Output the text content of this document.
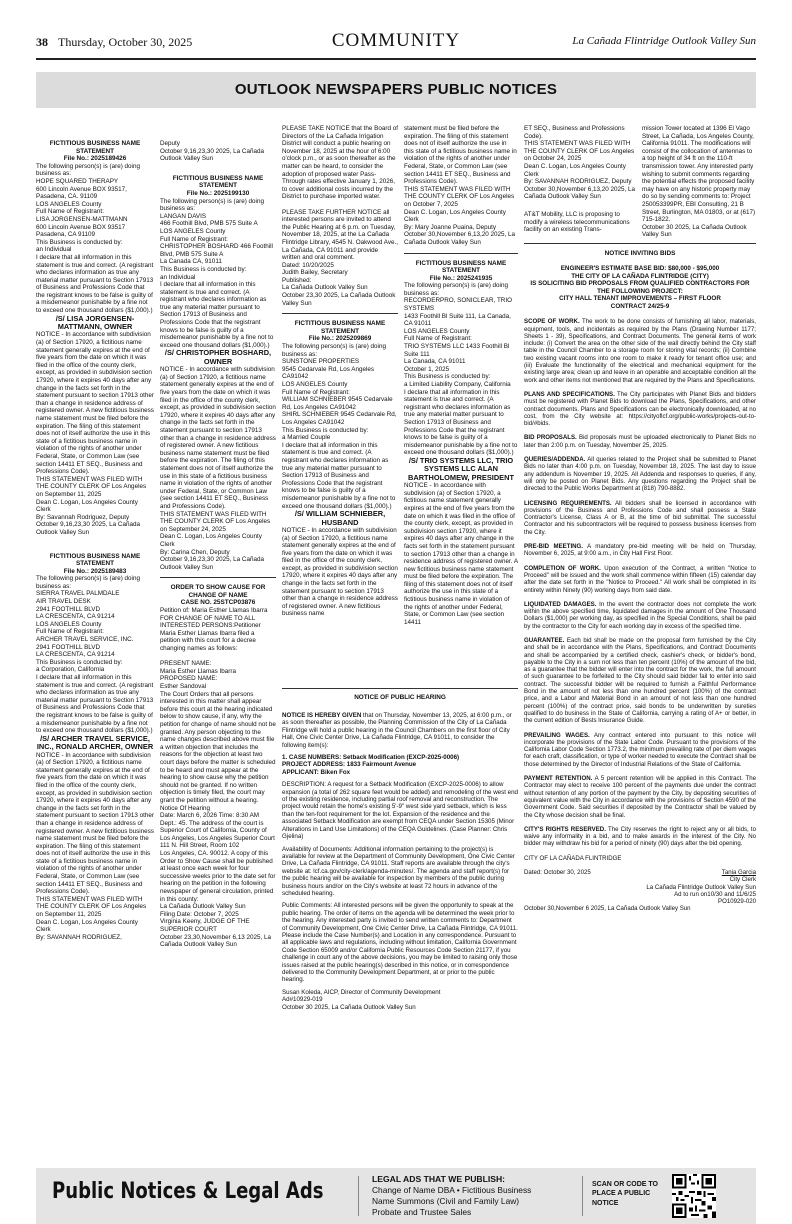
38 Thursday, October 30, 2025	COMMUNITY	La Cañada Flintridge Outlook Valley Sun
OUTLOOK NEWSPAPERS PUBLIC NOTICES
FICTITIOUS BUSINESS NAME STATEMENT
File No.: 2025189426

The following person(s) is (are) doing business as:
HOPE SQUARED THERAPY
600 Lincoln Avenue BOX 93517, Pasadena, CA. 91109
LOS ANGELES County
Full Name of Registrant:
LISA JORGENSEN-MATTMANN
600 Lincoln Avenue BOX 93517
Pasadena, CA 91109
This Business is conducted by:
an Individual
I declare that all information in this statement is true and correct. (A registrant who declares information as true any material matter pursuant to Section 17913 of Business and Professions Code that the registrant knows to be false is guilty of a misdemeanor punishable by a fine not to exceed one thousand dollars ($1,000).)

/S/ LISA JORGENSEN-MATTMANN, OWNER

NOTICE - In accordance with subdivision (a) of Section 17920, a fictitious name statement generally expires at the end of five years from the date on which it was filed in the office of the county clerk, except, as provided in subdivision section 17920, where it expires 40 days after any change in the facts set forth in the statement pursuant to section 17913 other than a change in residence address of registered owner. A new fictitious business name statement must be filed before the expiration. The filing of this statement does not of itself authorize the use in this state of a fictitious business name in violation of the rights of another under Federal, State, or Common Law (see section 14411 ET SEQ., Business and Professions Code).
THIS STATEMENT WAS FILED WITH THE COUNTY CLERK OF Los Angeles on September 11, 2025
Dean C. Logan, Los Angeles County Clerk
By: Savannah Rodriguez, Deputy
October 9,16,23,30 2025, La Cañada Outlook Valley Sun

FICTITIOUS BUSINESS NAME STATEMENT
File No.: 2025189483

The following person(s) is (are) doing business as:
SIERRA TRAVEL PALMDALE
AIR TRAVEL DESK
2941 FOOTHILL BLVD
LA CRESCENTA, CA 91214
LOS ANGELES County
Full Name of Registrant:
ARCHER TRAVEL SERVICE, INC.
2941 FOOTHILL BLVD
LA CRESCENTA, CA 91214
This Business is conducted by:
a Corporation, California
I declare that all information in this statement is true and correct. (A registrant who declares information as true any material matter pursuant to Section 17913 of Business and Professions Code that the registrant knows to be false is guilty of a misdemeanor punishable by a fine not to exceed one thousand dollars ($1,000).)

/S/ ARCHER TRAVEL SERVICE, INC., RONALD ARCHER, OWNER

NOTICE - In accordance with subdivision (a) of Section 17920, a fictitious name statement generally expires at the end of five years from the date on which it was filed in the office of the county clerk, except, as provided in subdivision section 17920, where it expires 40 days after any change in the facts set forth in the statement pursuant to section 17913 other than a change in residence address of registered owner. A new fictitious business name statement must be filed before the expiration. The filing of this statement does not of itself authorize the use in this state of a fictitious business name in violation of the rights of another under Federal, State, or Common Law (see section 14411 ET SEQ., Business and Professions Code).
THIS STATEMENT WAS FILED WITH THE COUNTY CLERK OF Los Angeles on September 11, 2025
Dean C. Logan, Los Angeles County Clerk
By: SAVANNAH RODRIGUEZ,

Deputy
October 9,16,23,30 2025, La Cañada Outlook Valley Sun

FICTITIOUS BUSINESS NAME STATEMENT
File No.: 2025199130

The following person(s) is (are) doing business as:
LANGAN DAVIS
466 Foothill Blvd, PMB 575 Suite A
LOS ANGELES County
Full Name of Registrant:
CHRISTOPHER BOSHARD 466 Foothill Blvd, PMB 575 Suite A
La Canada CA, 91011
This Business is conducted by:
an Individual
I declare that all information in this statement is true and correct. (A registrant who declares information as true any material matter pursuant to Section 17913 of Business and Professions Code that the registrant knows to be false is guilty of a misdemeanor punishable by a fine not to exceed one thousand dollars ($1,000).)

/S/ CHRISTOPHER BOSHARD, OWNER

NOTICE - In accordance with subdivision (a) of Section 17920, a fictitious name statement generally expires at the end of five years from the date on which it was filed in the office of the county clerk, except, as provided in subdivision section 17920, where it expires 40 days after any change in the facts set forth in the statement pursuant to section 17913 other than a change in residence address of registered owner. A new fictitious business name statement must be filed before the expiration. The filing of this statement does not of itself authorize the use in this state of a fictitious business name in violation of the rights of another under Federal, State, or Common Law (see section 14411 ET SEQ., Business and Professions Code).
THIS STATEMENT WAS FILED WITH THE COUNTY CLERK OF Los Angeles on September 24, 2025
Dean C. Logan, Los Angeles County Clerk
By: Carina Chen, Deputy
October 9,16,23,30 2025, La Cañada Outlook Valley Sun

ORDER TO SHOW CAUSE FOR CHANGE OF NAME
CASE NO. 25STCP03876

Petition of: Maria Esther Llamas Ibarra
FOR CHANGE OF NAME TO ALL INTERESTED PERSONS:Petitioner Maria Esther Llamas Ibarra filed a petition with this court for a decree changing names as follows:

PRESENT NAME:
Maria Esther Llamas Ibarra
PROPOSED NAME:
Esther Sandoval
The Court Orders that all persons interested in this matter shall appear before this court at the hearing indicated below to show cause, if any, why the petition for change of name should not be granted. Any person objecting to the name changes described above must file a written objection that includes the reasons for the objection at least two court days before the matter is scheduled to be heard and must appear at the hearing to show cause why the petition should not be granted. If no written objection is timely filed, the court may grant the petition without a hearing.
Notice Of Hearing
Date: March 6, 2026 Time: 8:30 AM Dept.: 45. The address of the court is Superior Court of California, County of Los Angeles, Los Angeles Superior Court 111 N. Hill Street, Room 102
Los Angeles, CA. 90012. A copy of this Order to Show Cause shall be published at least once each week for four successive weeks prior to the date set for hearing on the petition in the following newspaper of general circulation, printed in this county:
La Cañada Outlook Valley Sun
Filing Date: October 7, 2025
Virginia Keeny, JUDGE OF THE SUPERIOR COURT
October 23,30,November 6,13 2025, La Cañada Outlook Valley Sun

PLEASE TAKE NOTICE that the Board of Directors of the La Cañada Irrigation District will conduct a public hearing on November 18, 2025 at the hour of 6:00 o'clock p.m., or as soon thereafter as the matter can be heard, to consider the adoption of proposed water Pass-Through rates effective January 1, 2026, to cover additional costs incurred by the District to purchase imported water.

PLEASE TAKE FURTHER NOTICE all interested persons are invited to attend the Public Hearing at 6 p.m. on Tuesday, November 18, 2025, at the La Cañada Flintridge Library, 4545 N. Oakwood Ave., La Cañada, CA 91011 and provide written and oral comment.
Dated: 10/20/2025
Judith Bailey, Secretary
Published:
La Cañada Outlook Valley Sun
October 23,30 2025, La Cañada Outlook Valley Sun

FICTITIOUS BUSINESS NAME STATEMENT
File No.: 2025209869

The following person(s) is (are) doing business as:
SUNSTONE PROPERTIES
9545 Cedarvale Rd, Los Angeles CA91042
LOS ANGELES County
Full Name of Registrant:
WILLIAM SCHNIEBER 9545 Cedarvale Rd, Los Angeles CA91042
SHIRL SCHNIEBER 9545 Cedarvale Rd, Los Angeles CA91042
This Business is conducted by:
a Married Couple
I declare that all information in this statement is true and correct. (A registrant who declares information as true any material matter pursuant to Section 17913 of Business and Professions Code that the registrant knows to be false is guilty of a misdemeanor punishable by a fine not to exceed one thousand dollars ($1,000).)

/S/ WILLIAM SCHNIEBER, HUSBAND

NOTICE - In accordance with subdivision (a) of Section 17920, a fictitious name statement generally expires at the end of five years from the date on which it was filed in the office of the county clerk, except, as provided in subdivision section 17920, where it expires 40 days after any change in the facts set forth in the statement pursuant to section 17913 other than a change in residence address of registered owner. A new fictitious business name

statement must be filed before the expiration. The filing of this statement does not of itself authorize the use in this state of a fictitious business name in violation of the rights of another under Federal, State, or Common Law (see section 14411 ET SEQ., Business and Professions Code).
THIS STATEMENT WAS FILED WITH THE COUNTY CLERK OF Los Angeles on October 7, 2025
Dean C. Logan, Los Angeles County Clerk
By: Mary Joanne Puaina, Deputy
October 30,November 6,13,20 2025, La Cañada Outlook Valley Sun

FICTITIOUS BUSINESS NAME STATEMENT
File No.: 2025241935

The following person(s) is (are) doing business as:
RECORDERPRO, SONICLEAR, TRIO SYSTEMS
1433 Foothill Bl Suite 111, La Canada, CA 91011
LOS ANGELES County
Full Name of Registrant:
TRIO SYSTEMS LLC 1433 Foothill Bl Suite 111
La Canada, CA 91011
October 1, 2025
This Business is conducted by:
a Limited Liability Company, California
I declare that all information in this statement is true and correct. (A registrant who declares information as true any material matter pursuant to Section 17913 of Business and Professions Code that the registrant knows to be false is guilty of a misdemeanor punishable by a fine not to exceed one thousand dollars ($1,000).)

/S/ TRIO SYSTEMS LLC, TRIO SYSTEMS LLC ALAN BARTHOLOMEW, PRESIDENT

NOTICE - In accordance with subdivision (a) of Section 17920, a fictitious name statement generally expires at the end of five years from the date on which it was filed in the office of the county clerk, except, as provided in subdivision section 17920, where it expires 40 days after any change in the facts set forth in the statement pursuant to section 17913 other than a change in residence address of registered owner. A new fictitious business name statement must be filed before the expiration. The filing of this statement does not of itself authorize the use in this state of a fictitious business name in violation of the rights of another under Federal, State, or Common Law (see section 14411

ET SEQ., Business and Professions Code).
THIS STATEMENT WAS FILED WITH THE COUNTY CLERK OF Los Angeles on October 24, 2025
Dean C. Logan, Los Angeles County Clerk
By: SAVANNAH RODRIGUEZ, Deputy
October 30,November 6,13,20 2025, La Cañada Outlook Valley Sun

AT&T Mobility, LLC is proposing to modify a wireless telecommunications facility on an existing Trans-

mission Tower located at 1396 El Vago Street, La Cañada, Los Angeles County, California 91011. The modifications will consist of the collocation of antennas to a top height of 34 ft on the 110-ft transmission tower. Any interested party wishing to submit comments regarding the potential effects the proposed facility may have on any historic property may do so by sending comments to: Project 250053399PR, EBI Consulting, 21 B Street, Burlington, MA 01803, or at (617) 715-1822.
October 30 2025, La Cañada Outlook Valley Sun

NOTICE INVITING BIDS
ENGINEER'S ESTIMATE BASE BID: $80,000 - $95,000
THE CITY OF LA CAÑADA FLINTRIDGE (CITY)
IS SOLICITING BID PROPOSALS FROM QUALIFIED CONTRACTORS FOR THE FOLLOWING PROJECT:
CITY HALL TENANT IMPROVEMENTS – FIRST FLOOR
CONTRACT 24/25-9

SCOPE OF WORK. The work to be done consists of furnishing all labor, materials, equipment, tools, and incidentals as required by the Plans (Drawing Number 1177; Sheets 1 - 39), Specifications, and Contract Documents. The general items of work include: (i) Convert the area on the other side of the wall directly behind the City staff table in the Council Chamber to a storage room for storing vital records; (ii) Combine two existing vacant rooms into one room to make it ready for tenant office use; and (iii) Evaluate the functionality of the electrical and mechanical equipment for the existing large area; clean up and leave in an operable and acceptable condition all the work and other items not mentioned that are required by the Plans and Specifications.

PLANS AND SPECIFICATIONS. The City participates with Planet Bids and bidders must be registered with Planet Bids to download the Plans, Specifications, and other contract documents. Plans and Specifications can be electronically downloaded, at no cost, from the City website at: https://cityoflcf.org/public-works/projects-out-to-bid/#bids.

BID PROPOSALS. Bid proposals must be uploaded electronically to Planet Bids no later than 2:00 p.m. on Tuesday, November 25, 2025.

QUERIES/ADDENDA. All queries related to the Project shall be submitted to Planet Bids no later than 4:00 p.m. on Tuesday, November 18, 2025. The last day to issue any addendum is November 19, 2025. All Addenda and responses to queries, if any, will only be posted on Planet Bids. Any questions regarding the Project shall be directed to the Public Works Department at (818) 790-8882.

LICENSING REQUIREMENTS. All bidders shall be licensed in accordance with provisions of the Business and Professions Code and shall possess a State Contractor's License, Class A or B, at the time of bid submittal. The successful Contractor and his subcontractors will be required to possess business licenses from the City.

PRE-BID MEETING. A mandatory pre-bid meeting will be held on Thursday, November 6, 2025, at 9:00 a.m., in City Hall First Floor.

COMPLETION OF WORK. Upon execution of the Contract, a written "Notice to Proceed" will be issued and the work shall commence within fifteen (15) calendar day after the date set forth in the "Notice to Proceed." All work shall be completed in its entirety within Ninety (90) working days from said date.

LIQUIDATED DAMAGES. In the event the contractor does not complete the work within the above specified time, liquidated damages in the amount of One Thousand Dollars ($1,000) per working day, as specified in the Special Conditions, shall be paid by the contractor to the City for each working day in excess of the specified time.

GUARANTEE. Each bid shall be made on the proposal form furnished by the City and shall be in accordance with the Plans, Specifications, and Contract Documents and shall be accompanied by a certified check, cashier's check, or bidder's bond, payable to the City in a sum not less than ten percent (10%) of the amount of the bid, as a guarantee that the bidder will enter into the contract for the work, the full amount of such guarantee to be forfeited to the City should said bidder fail to enter into said contract. The successful bidder will be required to furnish a Faithful Performance Bond in the amount of not less than one hundred percent (100%) of the contract price, and a Labor and Material Bond in an amount of not less than one hundred percent (100%) of the contract price, said bonds to be underwritten by sureties qualified to do business in the State of California, carrying a rating of A+ or better, in the current edition of Bests Insurance Guide.

PREVAILING WAGES. Any contract entered into pursuant to this notice will incorporate the provisions of the State Labor Code. Pursuant to the provisions of the California Labor Code Section 1773.2, the minimum prevailing rate of per diem wages for each craft, classification, or type of worker needed to execute the Contract shall be those determined by the Director of Industrial Relations of the State of California.

PAYMENT RETENTION. A 5 percent retention will be applied in this Contract. The Contractor may elect to receive 100 percent of the payments due under the contract without retention of any portion of the payment by the City, by depositing securities of equivalent value with the City in accordance with the provisions of Section 4590 of the Government Code. Said securities if deposited by the Contractor shall be valued by the City whose decision shall be final.

CITY'S RIGHTS RESERVED. The City reserves the right to reject any or all bids, to waive any informality in a bid, and to make awards in the interest of the City. No bidder may withdraw his bid for a period of ninety (90) days after the bid opening.

CITY OF LA CAÑADA FLINTRIDGE

Dated: October 30, 2025	Tania Garcia
City Clerk
La Cañada Flintridge Outlook Valley Sun
Ad to run on10/30 and 11/6/25
PO10929-020
October 30,November 6 2025, La Cañada Outlook Valley Sun
NOTICE OF PUBLIC HEARING

NOTICE IS HEREBY GIVEN that on Thursday, November 13, 2025, at 6:00 p.m., or as soon thereafter as possible, the Planning Commission of the City of La Cañada Flintridge will hold a public hearing in the Council Chambers on the first floor of City Hall, One Civic Center Drive, La Cañada Flintridge, CA 91011, to consider the following item(s):

1. CASE NUMBERS: Setback Modification (EXCP-2025-0006)
PROJECT ADDRESS: 1833 Fairmount Avenue
APPLICANT: Biken Fox

DESCRIPTION: A request for a Setback Modification (EXCP-2025-0006) to allow expansion (a total of 262 square feet would be added) and remodeling of the west end of the existing residence, including partial roof removal and reconstruction. The project would retain the home's existing 5'-9" west side yard setback, which is less than the ten-foot requirement for the lot. Expansion of the residence and the associated Setback Modification are exempt from CEQA under Section 15305 (Minor Alterations in Land Use Limitations) of the CEQA Guidelines. (Case Planner: Chris Gjelina)

Availability of Documents: Additional information pertaining to the project(s) is available for review at the Department of Community Development, One Civic Center Drive, La Cañada Flintridge, CA 91011. Staff reports are available through the city's website at: lcf.ca.gov/city-clerk/agenda-minutes/. The agenda and staff report(s) for the public hearing will be available for inspection by members of the public during business hours and/or on the City's website at least 72 hours in advance of the scheduled hearing.

Public Comments: All interested persons will be given the opportunity to speak at the public hearing. The order of items on the agenda will be determined the week prior to the hearing. Any interested party is invited to send written comments to: Department of Community Development, One Civic Center Drive, La Cañada Flintridge, CA 91011. Please include the Case Number(s) and Location in any correspondence. Pursuant to all applicable laws and regulations, including without limitation, California Government Code Section 65009 and/or California Public Resources Code Section 21177, if you challenge in court any of the above decisions, you may be limited to raising only those issues raised at the public hearing(s) described in this notice, or in correspondence delivered to the Community Development Department, at or prior to the public hearing.

Susan Koleda, AICP, Director of Community Development
Ad#10929-019
October 30 2025, La Cañada Outlook Valley Sun

Public Notices & Legal Ads	LEGAL ADS THAT WE PUBLISH:
Change of Name DBA • Fictitious Business
Name Summons (Civil and Family Law)
Probate and Trustee Sales
SCAN OR CODE TO
PLACE A PUBLIC
NOTICE
